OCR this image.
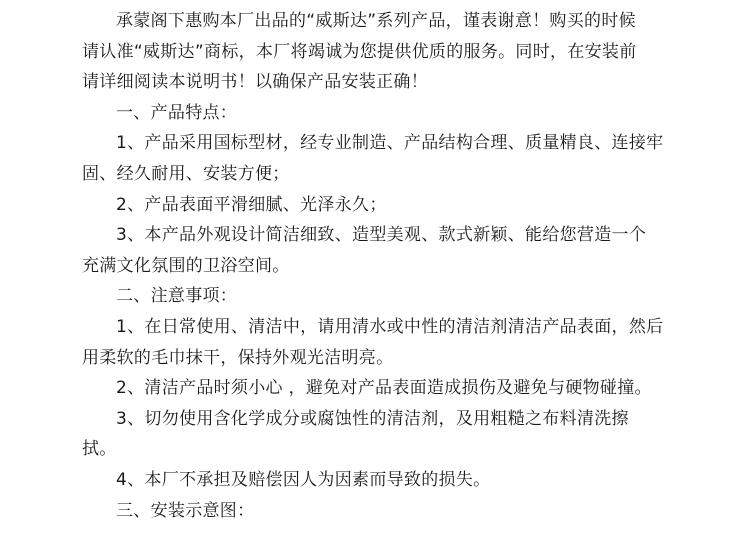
承蒙阁下惠购本厂出品的“威斯达”系列产品，谨表谢意！购买的时候

请认准“威斯达”商标，本厂将竭诚为您提供优质的服务。同时，在安装前

请详细阅读本说明书！以确保产品安装正确！

一、产品特点：

1、产品采用国标型材，经专业制造、产品结构合理、质量精良、连接牢

固、经久耐用、安装方便；

2、产品表面平滑细腻、光泽永久；

3、本产品外观设计简洁细致、造型美观、款式新颖、能给您营造一个

充满文化氛围的卫浴空间。

二、注意事项：

1、在日常使用、清洁中，请用清水或中性的清洁剂清洁产品表面，然后

用柔软的毛巾抹干，保持外观光洁明亮。

2、清洁产品时须小心 ，避免对产品表面造成损伤及避免与硬物碰撞。

3、切勿使用含化学成分或腐蚀性的清洁剂，及用粗糙之布料清洗擦

拭。

4、本厂不承担及赔偿因人为因素而导致的损失。

三、安装示意图：
